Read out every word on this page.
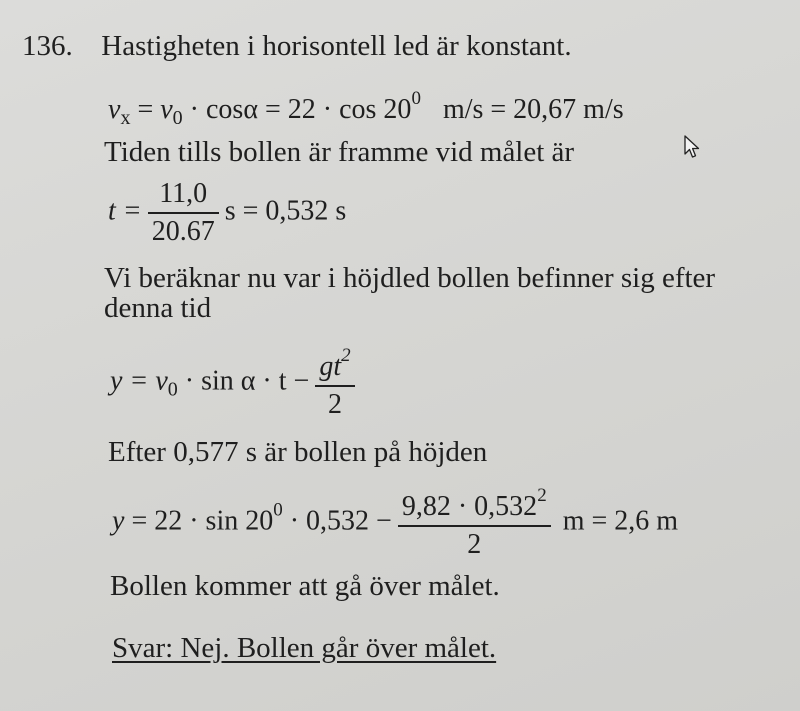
136. Hastigheten i horisontell led är konstant.
$v_x = v_0 \cdot \cos\alpha = 22 \cdot \cos 20^0$ m/s = 20,67 m/s
Tiden tills bollen är framme vid målet är
$t = \frac{11,0}{20.67}$ s = 0,532 s
Vi beräknar nu var i höjdled bollen befinner sig efter
denna tid
$y = v_0 \cdot \sin \alpha \cdot t - \frac{gt^2}{2}$
Efter 0,577 s är bollen på höjden
$y = 22 \cdot \sin 20^0 \cdot 0,532 - \frac{9,82 \cdot 0,532^2}{2}$ m = 2,6 m
Bollen kommer att gå över målet.
Svar: Nej. Bollen går över målet.
